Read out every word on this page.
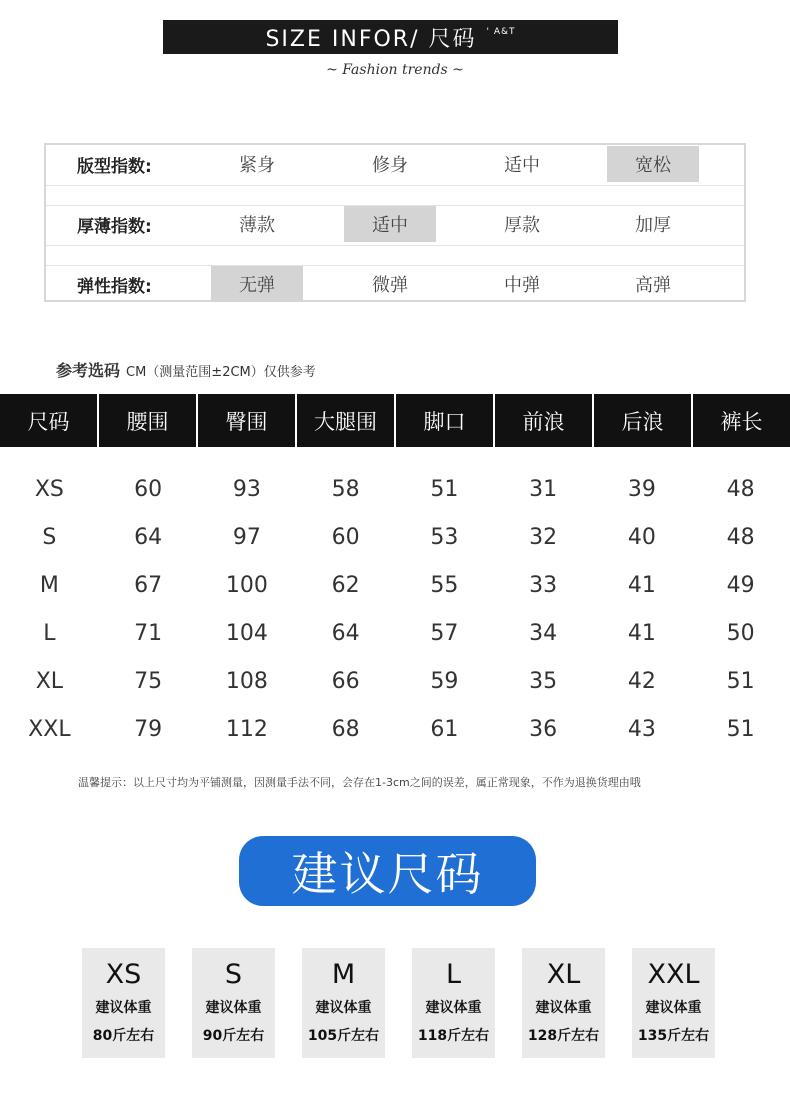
SIZE INFOR/ 尺码 ' A&T
~ Fashion trends ~
版型指数:	紧身	修身	适中	宽松
厚薄指数:	薄款	适中	厚款	加厚
弹性指数:	无弹	微弹	中弹	高弹
参考选码 CM（测量范围±2CM）仅供参考
尺码	腰围	臀围	大腿围	脚口	前浪	后浪	裤长
XS	60	93	58	51	31	39	48
S	64	97	60	53	32	40	48
M	67	100	62	55	33	41	49
L	71	104	64	57	34	41	50
XL	75	108	66	59	35	42	51
XXL	79	112	68	61	36	43	51
温馨提示：以上尺寸均为平铺测量，因测量手法不同，会存在1-3cm之间的误差，属正常现象，不作为退换货理由哦
建议尺码
XS
建议体重
80斤左右
S
建议体重
90斤左右
M
建议体重
105斤左右
L
建议体重
118斤左右
XL
建议体重
128斤左右
XXL
建议体重
135斤左右
